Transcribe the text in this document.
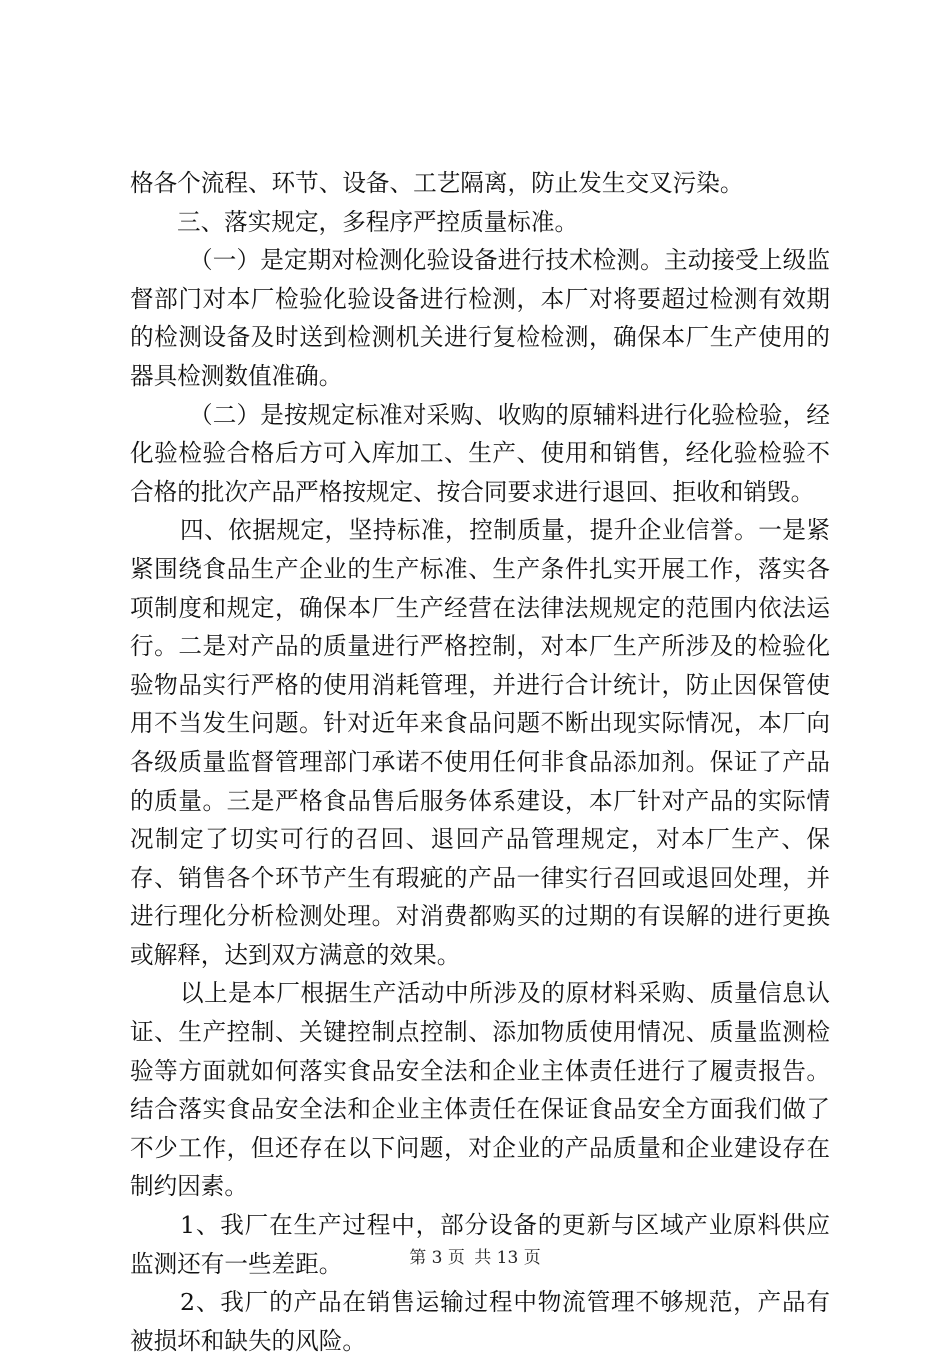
格各个流程、环节、设备、工艺隔离，防止发生交叉污染。

三、落实规定，多程序严控质量标准。

（一）是定期对检测化验设备进行技术检测。主动接受上级监督部门对本厂检验化验设备进行检测，本厂对将要超过检测有效期的检测设备及时送到检测机关进行复检检测，确保本厂生产使用的器具检测数值准确。

（二）是按规定标准对采购、收购的原辅料进行化验检验，经化验检验合格后方可入库加工、生产、使用和销售，经化验检验不合格的批次产品严格按规定、按合同要求进行退回、拒收和销毁。

四、依据规定，坚持标准，控制质量，提升企业信誉。一是紧紧围绕食品生产企业的生产标准、生产条件扎实开展工作，落实各项制度和规定，确保本厂生产经营在法律法规规定的范围内依法运行。二是对产品的质量进行严格控制，对本厂生产所涉及的检验化验物品实行严格的使用消耗管理，并进行合计统计，防止因保管使用不当发生问题。针对近年来食品问题不断出现实际情况，本厂向各级质量监督管理部门承诺不使用任何非食品添加剂。保证了产品的质量。三是严格食品售后服务体系建设，本厂针对产品的实际情况制定了切实可行的召回、退回产品管理规定，对本厂生产、保存、销售各个环节产生有瑕疵的产品一律实行召回或退回处理，并进行理化分析检测处理。对消费都购买的过期的有误解的进行更换或解释，达到双方满意的效果。

以上是本厂根据生产活动中所涉及的原材料采购、质量信息认证、生产控制、关键控制点控制、添加物质使用情况、质量监测检验等方面就如何落实食品安全法和企业主体责任进行了履责报告。结合落实食品安全法和企业主体责任在保证食品安全方面我们做了不少工作，但还存在以下问题，对企业的产品质量和企业建设存在制约因素。

1、我厂在生产过程中，部分设备的更新与区域产业原料供应监测还有一些差距。

2、我厂的产品在销售运输过程中物流管理不够规范，产品有被损坏和缺失的风险。

第 3 页 共 13 页
